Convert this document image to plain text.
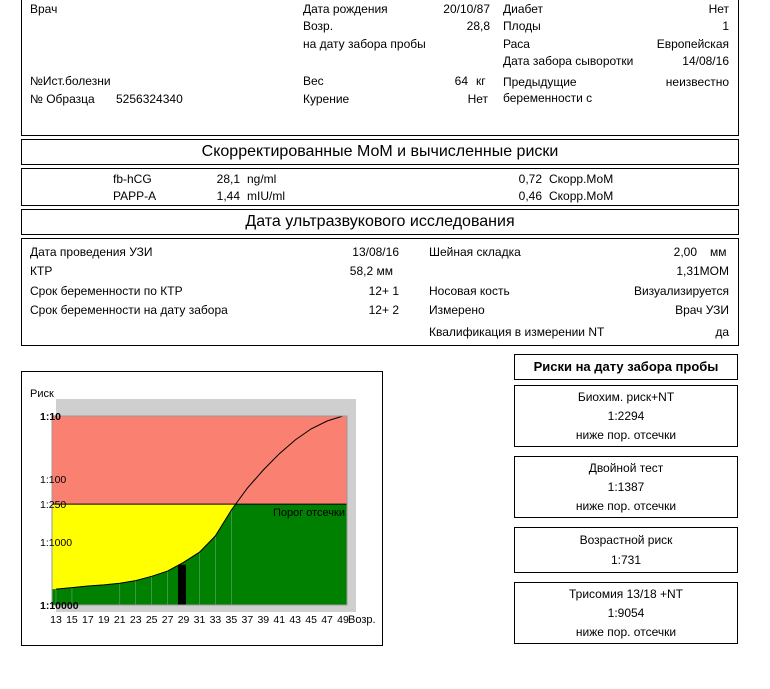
Врач
№Ист.болезни
№ Образца 5256324340
Дата рождения	20/10/87
Возр.	28,8
на дату забора пробы
Вес	64 кг
Курение	Нет
Диабет	Нет
Плоды	1
Раса	Европейская
Дата забора сыворотки	14/08/16
Предыдущие
беременности с
неизвестно
Скорректированные МоМ и вычисленные риски
fb-hCG	28,1 ng/ml	0,72 Скорр.МоМ
PAPP-A	1,44 mIU/ml	0,46 Скорр.МоМ
Дата ультразвукового исследования
Дата проведения УЗИ	13/08/16
КТР	58,2 мм
Срок беременности по КТР	12+ 1
Срок беременности на дату забора	12+ 2
Шейная складка	2,00 мм
1,31МОМ
Носовая кость	Визуализируется
Измерено	Врач УЗИ
Квалификация в измерении NT	да
Риск
Порог отсечки
Возр.
1:10
1:100
1:250
1:1000
1:10000
13 15 17 19 21 23 25 27 29 31 33 35 37 39 41 43 45 47 49
Риски на дату забора пробы
Биохим. риск+NT
1:2294
ниже пор. отсечки
Двойной тест
1:1387
ниже пор. отсечки
Возрастной риск
1:731
Трисомия 13/18 +NT
1:9054
ниже пор. отсечки
